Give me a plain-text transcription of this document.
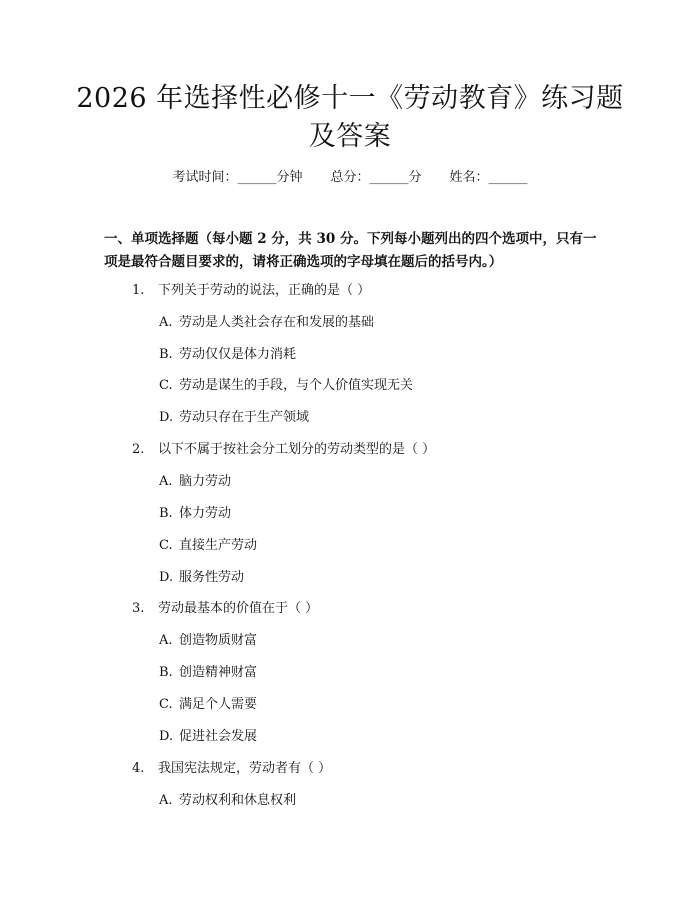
2026 年选择性必修十一《劳动教育》练习题
及答案
考试时间：______分钟 总分：______分 姓名：______
一、单项选择题（每小题 2 分，共 30 分。下列每小题列出的四个选项中，只有一
项是最符合题目要求的，请将正确选项的字母填在题后的括号内。）
1. 下列关于劳动的说法，正确的是（ ）
A. 劳动是人类社会存在和发展的基础
B. 劳动仅仅是体力消耗
C. 劳动是谋生的手段，与个人价值实现无关
D. 劳动只存在于生产领域
2. 以下不属于按社会分工划分的劳动类型的是（ ）
A. 脑力劳动
B. 体力劳动
C. 直接生产劳动
D. 服务性劳动
3. 劳动最基本的价值在于（ ）
A. 创造物质财富
B. 创造精神财富
C. 满足个人需要
D. 促进社会发展
4. 我国宪法规定，劳动者有（ ）
A. 劳动权利和休息权利
